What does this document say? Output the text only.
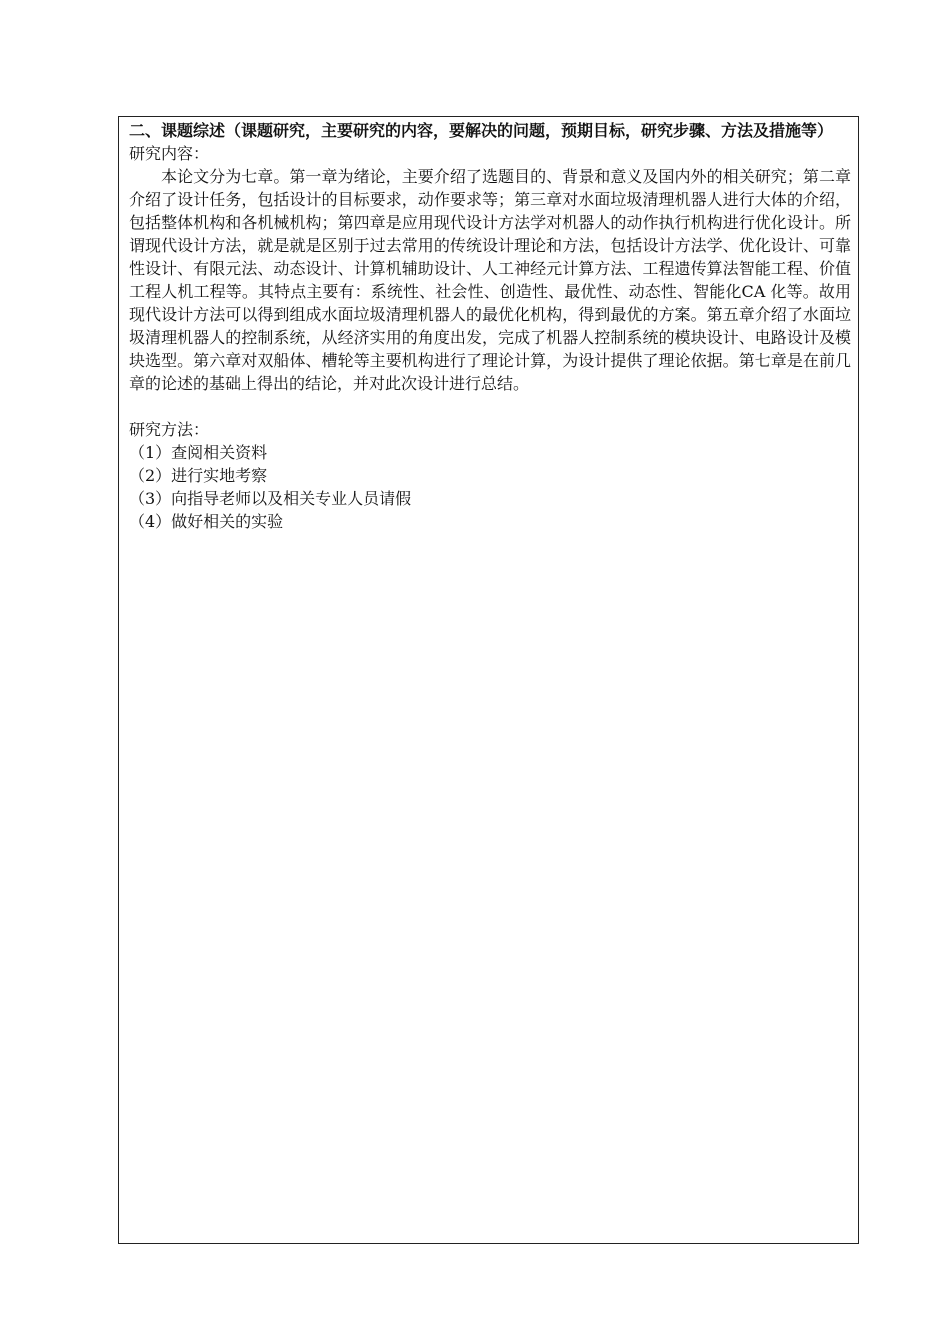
二、课题综述（课题研究，主要研究的内容，要解决的问题，预期目标，研究步骤、方法及措施等）

研究内容：

本论文分为七章。第一章为绪论，主要介绍了选题目的、背景和意义及国内外的相关研究；第二章介绍了设计任务，包括设计的目标要求，动作要求等；第三章对水面垃圾清理机器人进行大体的介绍，包括整体机构和各机械机构；第四章是应用现代设计方法学对机器人的动作执行机构进行优化设计。所谓现代设计方法，就是就是区别于过去常用的传统设计理论和方法，包括设计方法学、优化设计、可靠性设计、有限元法、动态设计、计算机辅助设计、人工神经元计算方法、工程遗传算法智能工程、价值工程人机工程等。其特点主要有：系统性、社会性、创造性、最优性、动态性、智能化CA 化等。故用现代设计方法可以得到组成水面垃圾清理机器人的最优化机构，得到最优的方案。第五章介绍了水面垃圾清理机器人的控制系统，从经济实用的角度出发，完成了机器人控制系统的模块设计、电路设计及模块选型。第六章对双船体、槽轮等主要机构进行了理论计算，为设计提供了理论依据。第七章是在前几章的论述的基础上得出的结论，并对此次设计进行总结。

研究方法：

（1）查阅相关资料
（2）进行实地考察
（3）向指导老师以及相关专业人员请假
（4）做好相关的实验
